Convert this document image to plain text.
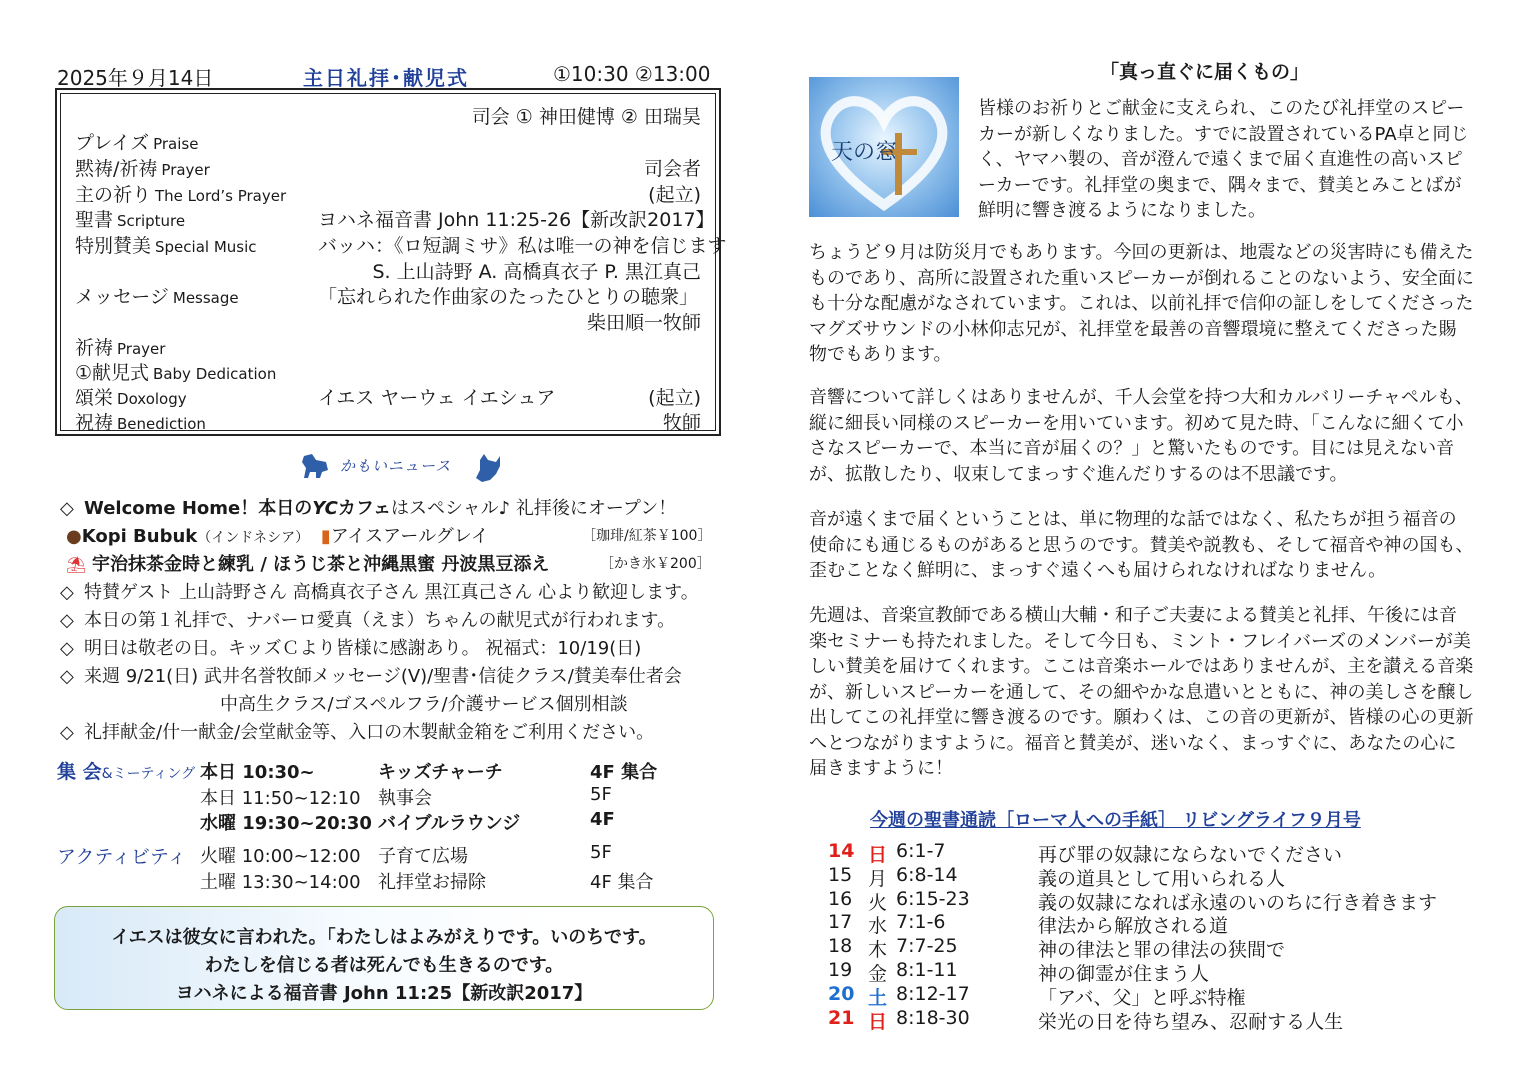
2025年９月14日	主日礼拝･献児式	①10:30 ②13:00
司会 ① 神田健博 ② 田瑞昊
プレイズ Praise
黙祷/祈祷 Prayer	司会者
主の祈り The Lord’s Prayer	(起立)
聖書 Scripture	ヨハネ福音書 John 11:25-26【新改訳2017】
特別賛美 Special Music	バッハ：《ロ短調ミサ》私は唯一の神を信じます
S. 上山詩野 A. 高橋真衣子 P. 黒江真己
メッセージ Message	「忘れられた作曲家のたったひとりの聴衆」
柴田順一牧師
祈祷 Prayer
①献児式 Baby Dedication
頌栄 Doxology	イエス ヤーウェ イエシュア	(起立)
祝祷 Benediction	牧師
かもいニュース
◇ Welcome Home！本日のYCカフェはスペシャル♪ 礼拝後にオープン！
●Kopi Bubuk（インドネシア） ▮アイスアールグレイ	［珈琲/紅茶￥100］
⛱ 宇治抹茶金時と練乳 / ほうじ茶と沖縄黒蜜 丹波黒豆添え	［かき氷￥200］
◇ 特賛ゲスト 上山詩野さん 高橋真衣子さん 黒江真己さん 心より歓迎します。
◇ 本日の第１礼拝で、ナバーロ愛真（えま）ちゃんの献児式が行われます。
◇ 明日は敬老の日。キッズＣより皆様に感謝あり。 祝福式：10/19(日)
◇ 来週 9/21(日) 武井名誉牧師メッセージ(Ⅴ)/聖書･信徒クラス/賛美奉仕者会
中高生クラス/ゴスペルフラ/介護サービス個別相談
◇ 礼拝献金/什一献金/会堂献金等、入口の木製献金箱をご利用ください。
集 会&ミーティング
アクティビティ
本日 10:30~	キッズチャーチ	4F 集合
本日 11:50~12:10 執事会	5F
水曜 19:30~20:30 バイブルラウンジ	4F
火曜 10:00~12:00 子育て広場	5F
土曜 13:30~14:00 礼拝堂お掃除	4F 集合
イエスは彼女に言われた。「わたしはよみがえりです。いのちです。
わたしを信じる者は死んでも生きるのです。
ヨハネによる福音書 John 11:25【新改訳2017】
「真っ直ぐに届くもの」
天の窓
皆様のお祈りとご献金に支えられ、このたび礼拝堂のスピーカーが新しくなりました。すでに設置されているPA卓と同じく、ヤマハ製の、音が澄んで遠くまで届く直進性の高いスピーカーです。礼拝堂の奥まで、隅々まで、賛美とみことばが鮮明に響き渡るようになりました。
ちょうど９月は防災月でもあります。今回の更新は、地震などの災害時にも備えたものであり、高所に設置された重いスピーカーが倒れることのないよう、安全面にも十分な配慮がなされています。これは、以前礼拝で信仰の証しをしてくださったマグズサウンドの小林仰志兄が、礼拝堂を最善の音響環境に整えてくださった賜物でもあります。
音響について詳しくはありませんが、千人会堂を持つ大和カルバリーチャペルも、縦に細長い同様のスピーカーを用いています。初めて見た時、「こんなに細くて小さなスピーカーで、本当に音が届くの？」と驚いたものです。目には見えない音が、拡散したり、収束してまっすぐ進んだりするのは不思議です。
音が遠くまで届くということは、単に物理的な話ではなく、私たちが担う福音の使命にも通じるものがあると思うのです。賛美や説教も、そして福音や神の国も、歪むことなく鮮明に、まっすぐ遠くへも届けられなければなりません。
先週は、音楽宣教師である横山大輔・和子ご夫妻による賛美と礼拝、午後には音楽セミナーも持たれました。そして今日も、ミント・フレイバーズのメンバーが美しい賛美を届けてくれます。ここは音楽ホールではありませんが、主を讃える音楽が、新しいスピーカーを通して、その細やかな息遣いとともに、神の美しさを醸し出してこの礼拝堂に響き渡るのです。願わくは、この音の更新が、皆様の心の更新へとつながりますように。福音と賛美が、迷いなく、まっすぐに、あなたの心に届きますように！
今週の聖書通読［ローマ人への手紙］ リビングライフ９月号
14 日 6:1-7	再び罪の奴隷にならないでください
15 月 6:8-14	義の道具として用いられる人
16 火 6:15-23	義の奴隷になれば永遠のいのちに行き着きます
17 水 7:1-6	律法から解放される道
18 木 7:7-25	神の律法と罪の律法の狭間で
19 金 8:1-11	神の御霊が住まう人
20 土 8:12-17	「アバ、父」と呼ぶ特権
21 日 8:18-30	栄光の日を待ち望み、忍耐する人生
